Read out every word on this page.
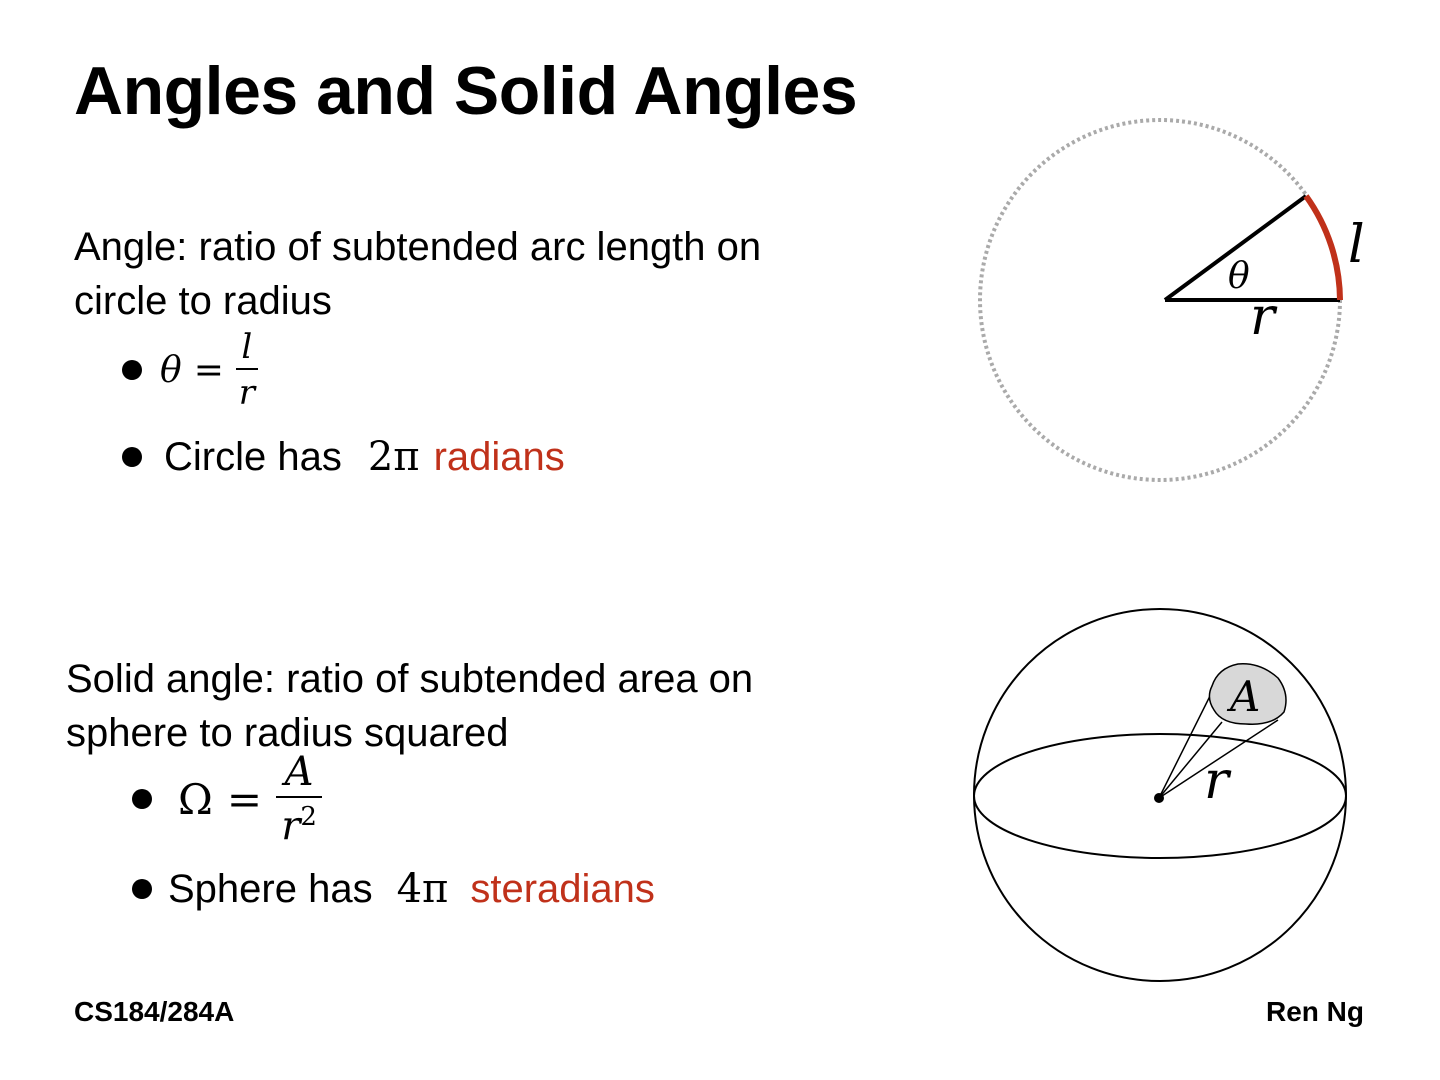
Angles and Solid Angles
Angle: ratio of subtended arc length on
circle to radius
$\theta = \frac{l}{r}$
Circle has 2π radians
Solid angle: ratio of subtended area on
sphere to radius squared
$\Omega = \frac{A}{r^2}$
Sphere has 4π steradians
l
θ
r
A
r
CS184/284A	Ren Ng
